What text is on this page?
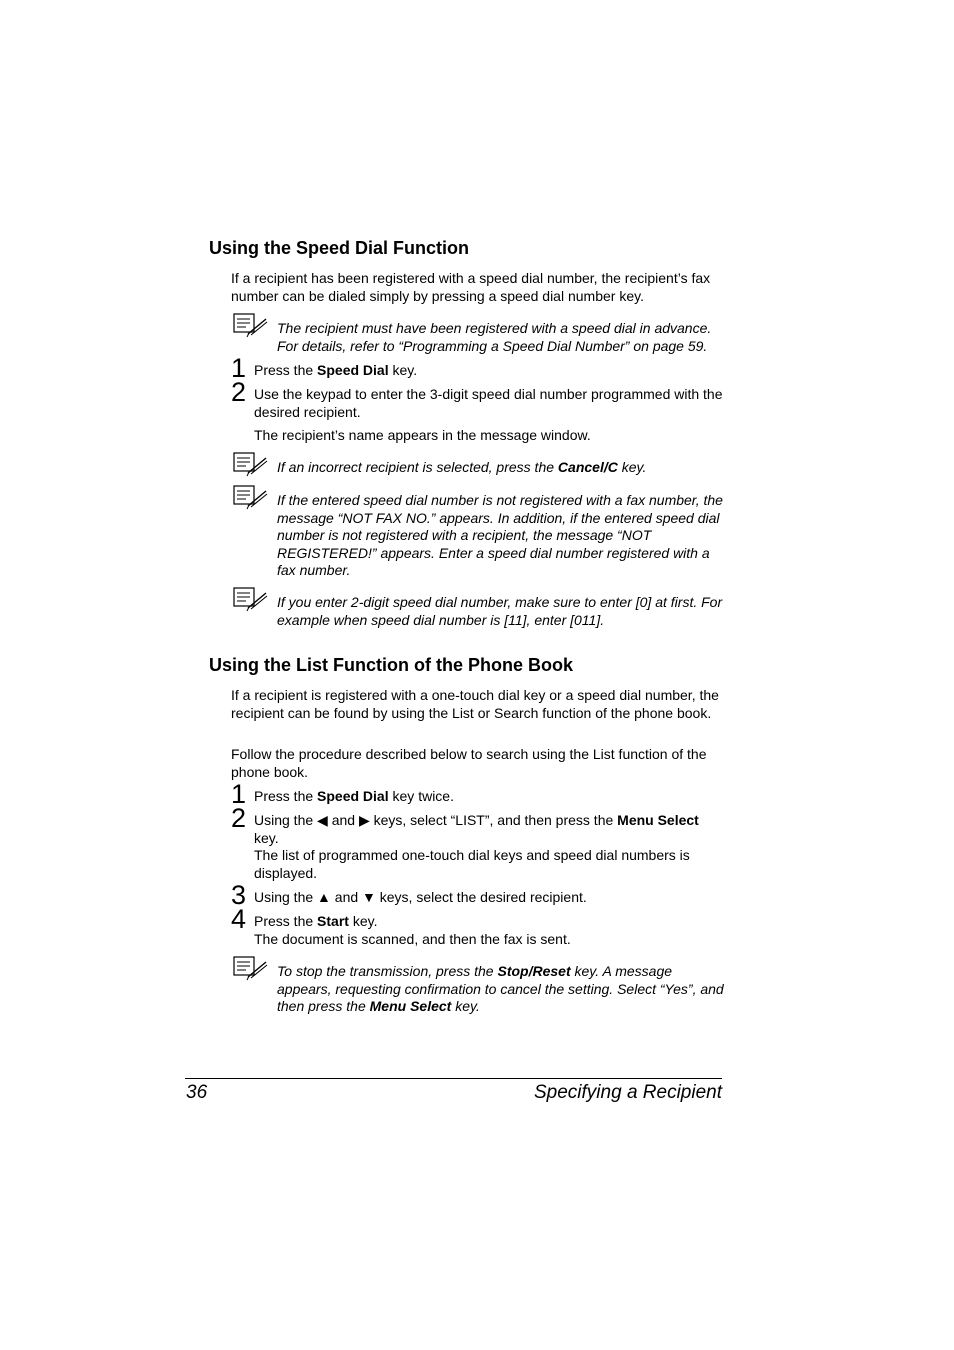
Using the Speed Dial Function
If a recipient has been registered with a speed dial number, the recipient’s fax number can be dialed simply by pressing a speed dial number key.
The recipient must have been registered with a speed dial in advance. For details, refer to “Programming a Speed Dial Number” on page 59.
1 Press the Speed Dial key.
2 Use the keypad to enter the 3-digit speed dial number programmed with the desired recipient.
The recipient’s name appears in the message window.
If an incorrect recipient is selected, press the Cancel/C key.
If the entered speed dial number is not registered with a fax number, the message “NOT FAX NO.” appears. In addition, if the entered speed dial number is not registered with a recipient, the message “NOT REGISTERED!” appears. Enter a speed dial number registered with a fax number.
If you enter 2-digit speed dial number, make sure to enter [0] at first. For example when speed dial number is [11], enter [011].
Using the List Function of the Phone Book
If a recipient is registered with a one-touch dial key or a speed dial number, the recipient can be found by using the List or Search function of the phone book.
Follow the procedure described below to search using the List function of the phone book.
1 Press the Speed Dial key twice.
2 Using the ◀ and ▶ keys, select “LIST”, and then press the Menu Select key.
The list of programmed one-touch dial keys and speed dial numbers is displayed.
3 Using the ▲ and ▼ keys, select the desired recipient.
4 Press the Start key.
The document is scanned, and then the fax is sent.
To stop the transmission, press the Stop/Reset key. A message appears, requesting confirmation to cancel the setting. Select “Yes”, and then press the Menu Select key.
36	Specifying a Recipient
